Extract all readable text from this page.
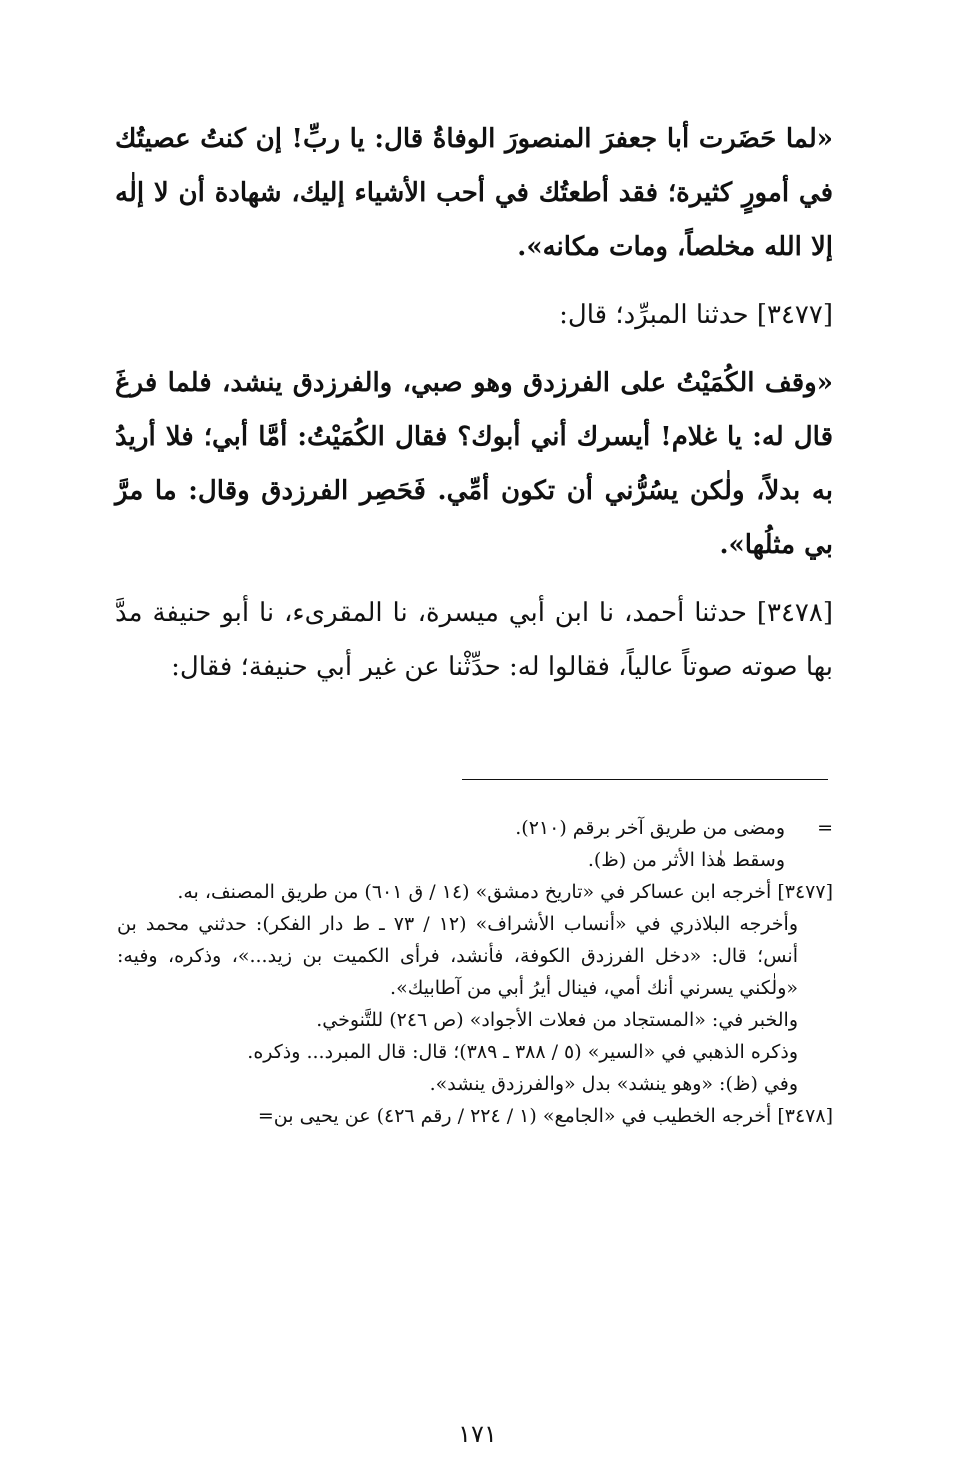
«لما حَضَرت أبا جعفرَ المنصورَ الوفاةُ قال: يا ربِّ! إن كنتُ عصيتُك في أمورٍ كثيرة؛ فقد أطعتُك في أحب الأشياء إليك، شهادة أن لا إلٰه إلا الله مخلصاً، ومات مكانه».

[٣٤٧٧] حدثنا المبرِّد؛ قال:

«وقف الكُمَيْتُ على الفرزدق وهو صبي، والفرزدق ينشد، فلما فرغَ قال له: يا غلام! أيسرك أني أبوك؟ فقال الكُمَيْتُ: أمَّا أبي؛ فلا أريدُ به بدلاً، ولٰكن يسُرُّني أن تكون أمِّي. فَحَصِر الفرزدق وقال: ما مرَّ بي مثلُها».

[٣٤٧٨] حدثنا أحمد، نا ابن أبي ميسرة، نا المقرىء، نا أبو حنيفة مدَّ بها صوته صوتاً عالياً، فقالوا له: حدِّثْنا عن غير أبي حنيفة؛ فقال:

=
ومضى من طريق آخر برقم (٢١٠).

وسقط هٰذا الأثر من (ظ).

[٣٤٧٧] أخرجه ابن عساكر في «تاريخ دمشق» (١٤ / ق ٦٠١) من طريق المصنف، به.

وأخرجه البلاذري في «أنساب الأشراف» (١٢ / ٧٣ ـ ط دار الفكر): حدثني محمد بن أنس؛ قال: «دخل الفرزدق الكوفة، فأنشد، فرأى الكميت بن زيد...»، وذكره، وفيه: «ولٰكني يسرني أنك أمي، فينال أيرُ أبي من آطابيك».

والخبر في: «المستجاد من فعلات الأجواد» (ص ٢٤٦) للتَّنوخي.

وذكره الذهبي في «السير» (٥ / ٣٨٨ ـ ٣٨٩)؛ قال: قال المبرد... وذكره.

وفي (ظ): «وهو ينشد» بدل «والفرزدق ينشد».

[٣٤٧٨] أخرجه الخطيب في «الجامع» (١ / ٢٢٤ / رقم ٤٢٦) عن يحيى بن=

١٧١
